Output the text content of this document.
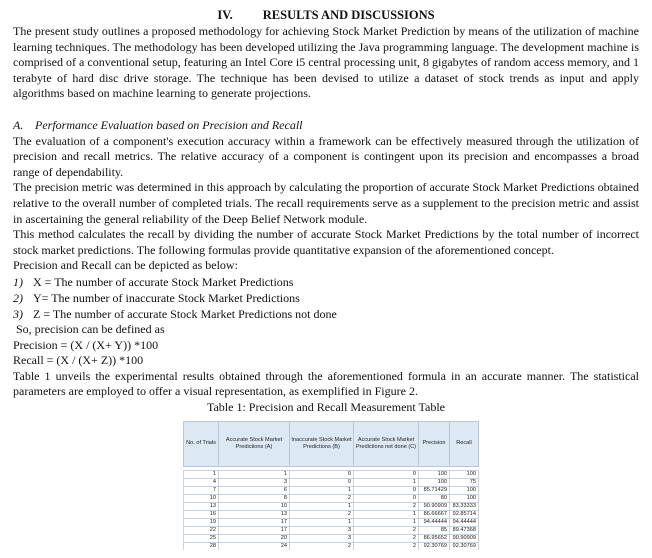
IV. RESULTS AND DISCUSSIONS

The present study outlines a proposed methodology for achieving Stock Market Prediction by means of the utilization of machine learning techniques. The methodology has been developed utilizing the Java programming language. The development machine is comprised of a conventional setup, featuring an Intel Core i5 central processing unit, 8 gigabytes of random access memory, and 1 terabyte of hard disc drive storage. The technique has been devised to utilize a dataset of stock trends as input and apply algorithms based on machine learning to generate projections.

A. Performance Evaluation based on Precision and Recall

The evaluation of a component's execution accuracy within a framework can be effectively measured through the utilization of precision and recall metrics. The relative accuracy of a component is contingent upon its precision and encompasses a broad range of dependability.

The precision metric was determined in this approach by calculating the proportion of accurate Stock Market Predictions obtained relative to the overall number of completed trials. The recall requirements serve as a supplement to the precision metric and assist in ascertaining the general reliability of the Deep Belief Network module.

This method calculates the recall by dividing the number of accurate Stock Market Predictions by the total number of incorrect stock market predictions. The following formulas provide quantitative expansion of the aforementioned concept.

Precision and Recall can be depicted as below:
1) X = The number of accurate Stock Market Predictions
2) Y= The number of inaccurate Stock Market Predictions
3) Z = The number of accurate Stock Market Predictions not done
So, precision can be defined as
Precision = (X / (X+ Y)) *100
Recall = (X / (X+ Z)) *100

Table 1 unveils the experimental results obtained through the aforementioned formula in an accurate manner. The statistical parameters are employed to offer a visual representation, as exemplified in Figure 2.

Table 1: Precision and Recall Measurement Table
No. of Trials	Accurate Stock Market Predictions (A)	Inaccurate Stock Market Predictions (B)	Accurate Stock Market Predictions not done (C)	Precision	Recall

1	1	0	0	100	100
4	3	0	1	100	75
7	6	1	0	85.71429	100
10	8	2	0	80	100
13	10	1	2	90.90909	83.33333
16	13	2	1	86.66667	92.85714
19	17	1	1	94.44444	94.44444
22	17	3	2	85	89.47368
25	20	3	2	86.95652	90.90909
28	24	2	2	92.30769	92.30769
